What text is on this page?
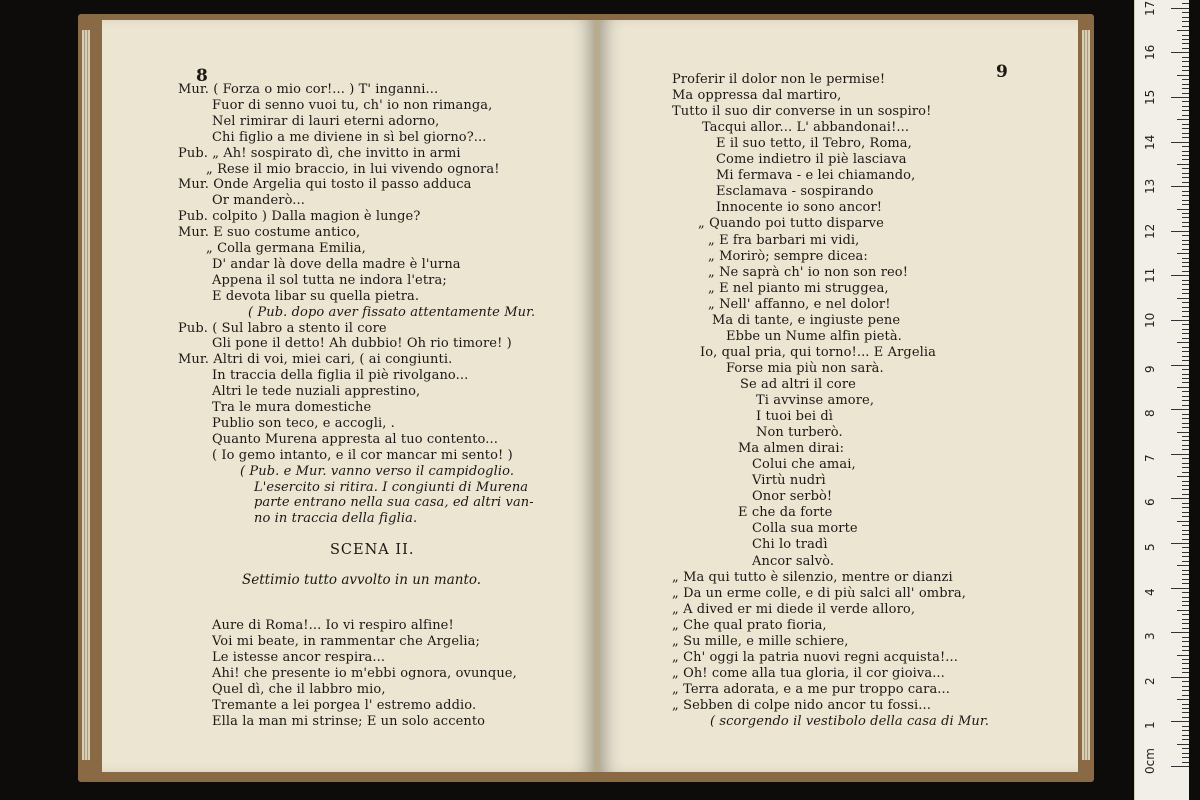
8
Mur. ( Forza o mio cor!... ) T' inganni...
Fuor di senno vuoi tu, ch' io non rimanga,
Nel rimirar di lauri eterni adorno,
Chi figlio a me diviene in sì bel giorno?...
Pub. „ Ah! sospirato dì, che invitto in armi
„ Rese il mio braccio, in lui vivendo ognora!
Mur. Onde Argelia qui tosto il passo adduca
Or manderò...
Pub. colpito ) Dalla magion è lunge?
Mur. E suo costume antico,
„ Colla germana Emilia,
D' andar là dove della madre è l'urna
Appena il sol tutta ne indora l'etra;
E devota libar su quella pietra.
( Pub. dopo aver fissato attentamente Mur.
Pub. ( Sul labro a stento il core
Gli pone il detto! Ah dubbio! Oh rio timore! )
Mur. Altri di voi, miei cari, ( ai congiunti.
In traccia della figlia il piè rivolgano...
Altri le tede nuziali apprestino,
Tra le mura domestiche
Publio son teco, e accogli, .
Quanto Murena appresta al tuo contento...
( Io gemo intanto, e il cor mancar mi sento! )
( Pub. e Mur. vanno verso il campidoglio.
L'esercito si ritira. I congiunti di Murena
parte entrano nella sua casa, ed altri van-
no in traccia della figlia.
SCENA II.
Settimio tutto avvolto in un manto.
Aure di Roma!... Io vi respiro alfine!
Voi mi beate, in rammentar che Argelia;
Le istesse ancor respira...
Ahi! che presente io m'ebbi ognora, ovunque,
Quel dì, che il labbro mio,
Tremante a lei porgea l' estremo addio.
Ella la man mi strinse; E un solo accento
9
Proferir il dolor non le permise!
Ma oppressa dal martiro,
Tutto il suo dir converse in un sospiro!
Tacqui allor... L' abbandonai!...
E il suo tetto, il Tebro, Roma,
Come indietro il piè lasciava
Mi fermava - e lei chiamando,
Esclamava - sospirando
Innocente io sono ancor!
„ Quando poi tutto disparve
„ E fra barbari mi vidi,
„ Morirò; sempre dicea:
„ Ne saprà ch' io non son reo!
„ E nel pianto mi struggea,
„ Nell' affanno, e nel dolor!
Ma di tante, e ingiuste pene
Ebbe un Nume alfin pietà.
Io, qual pria, qui torno!... E Argelia
Forse mia più non sarà.
Se ad altri il core
Ti avvinse amore,
I tuoi bei dì
Non turberò.
Ma almen dirai:
Colui che amai,
Virtù nudrì
Onor serbò!
E che da forte
Colla sua morte
Chi lo tradì
Ancor salvò.
„ Ma qui tutto è silenzio, mentre or dianzi
„ Da un erme colle, e di più salci all' ombra,
„ A dived er mi diede il verde alloro,
„ Che qual prato fioria,
„ Su mille, e mille schiere,
„ Ch' oggi la patria nuovi regni acquista!...
„ Oh! come alla tua gloria, il cor gioiva...
„ Terra adorata, e a me pur troppo cara...
„ Sebben di colpe nido ancor tu fossi...
( scorgendo il vestibolo della casa di Mur.
0cm
1
2
3
4
5
6
7
8
9
10
11
12
13
14
15
16
17
